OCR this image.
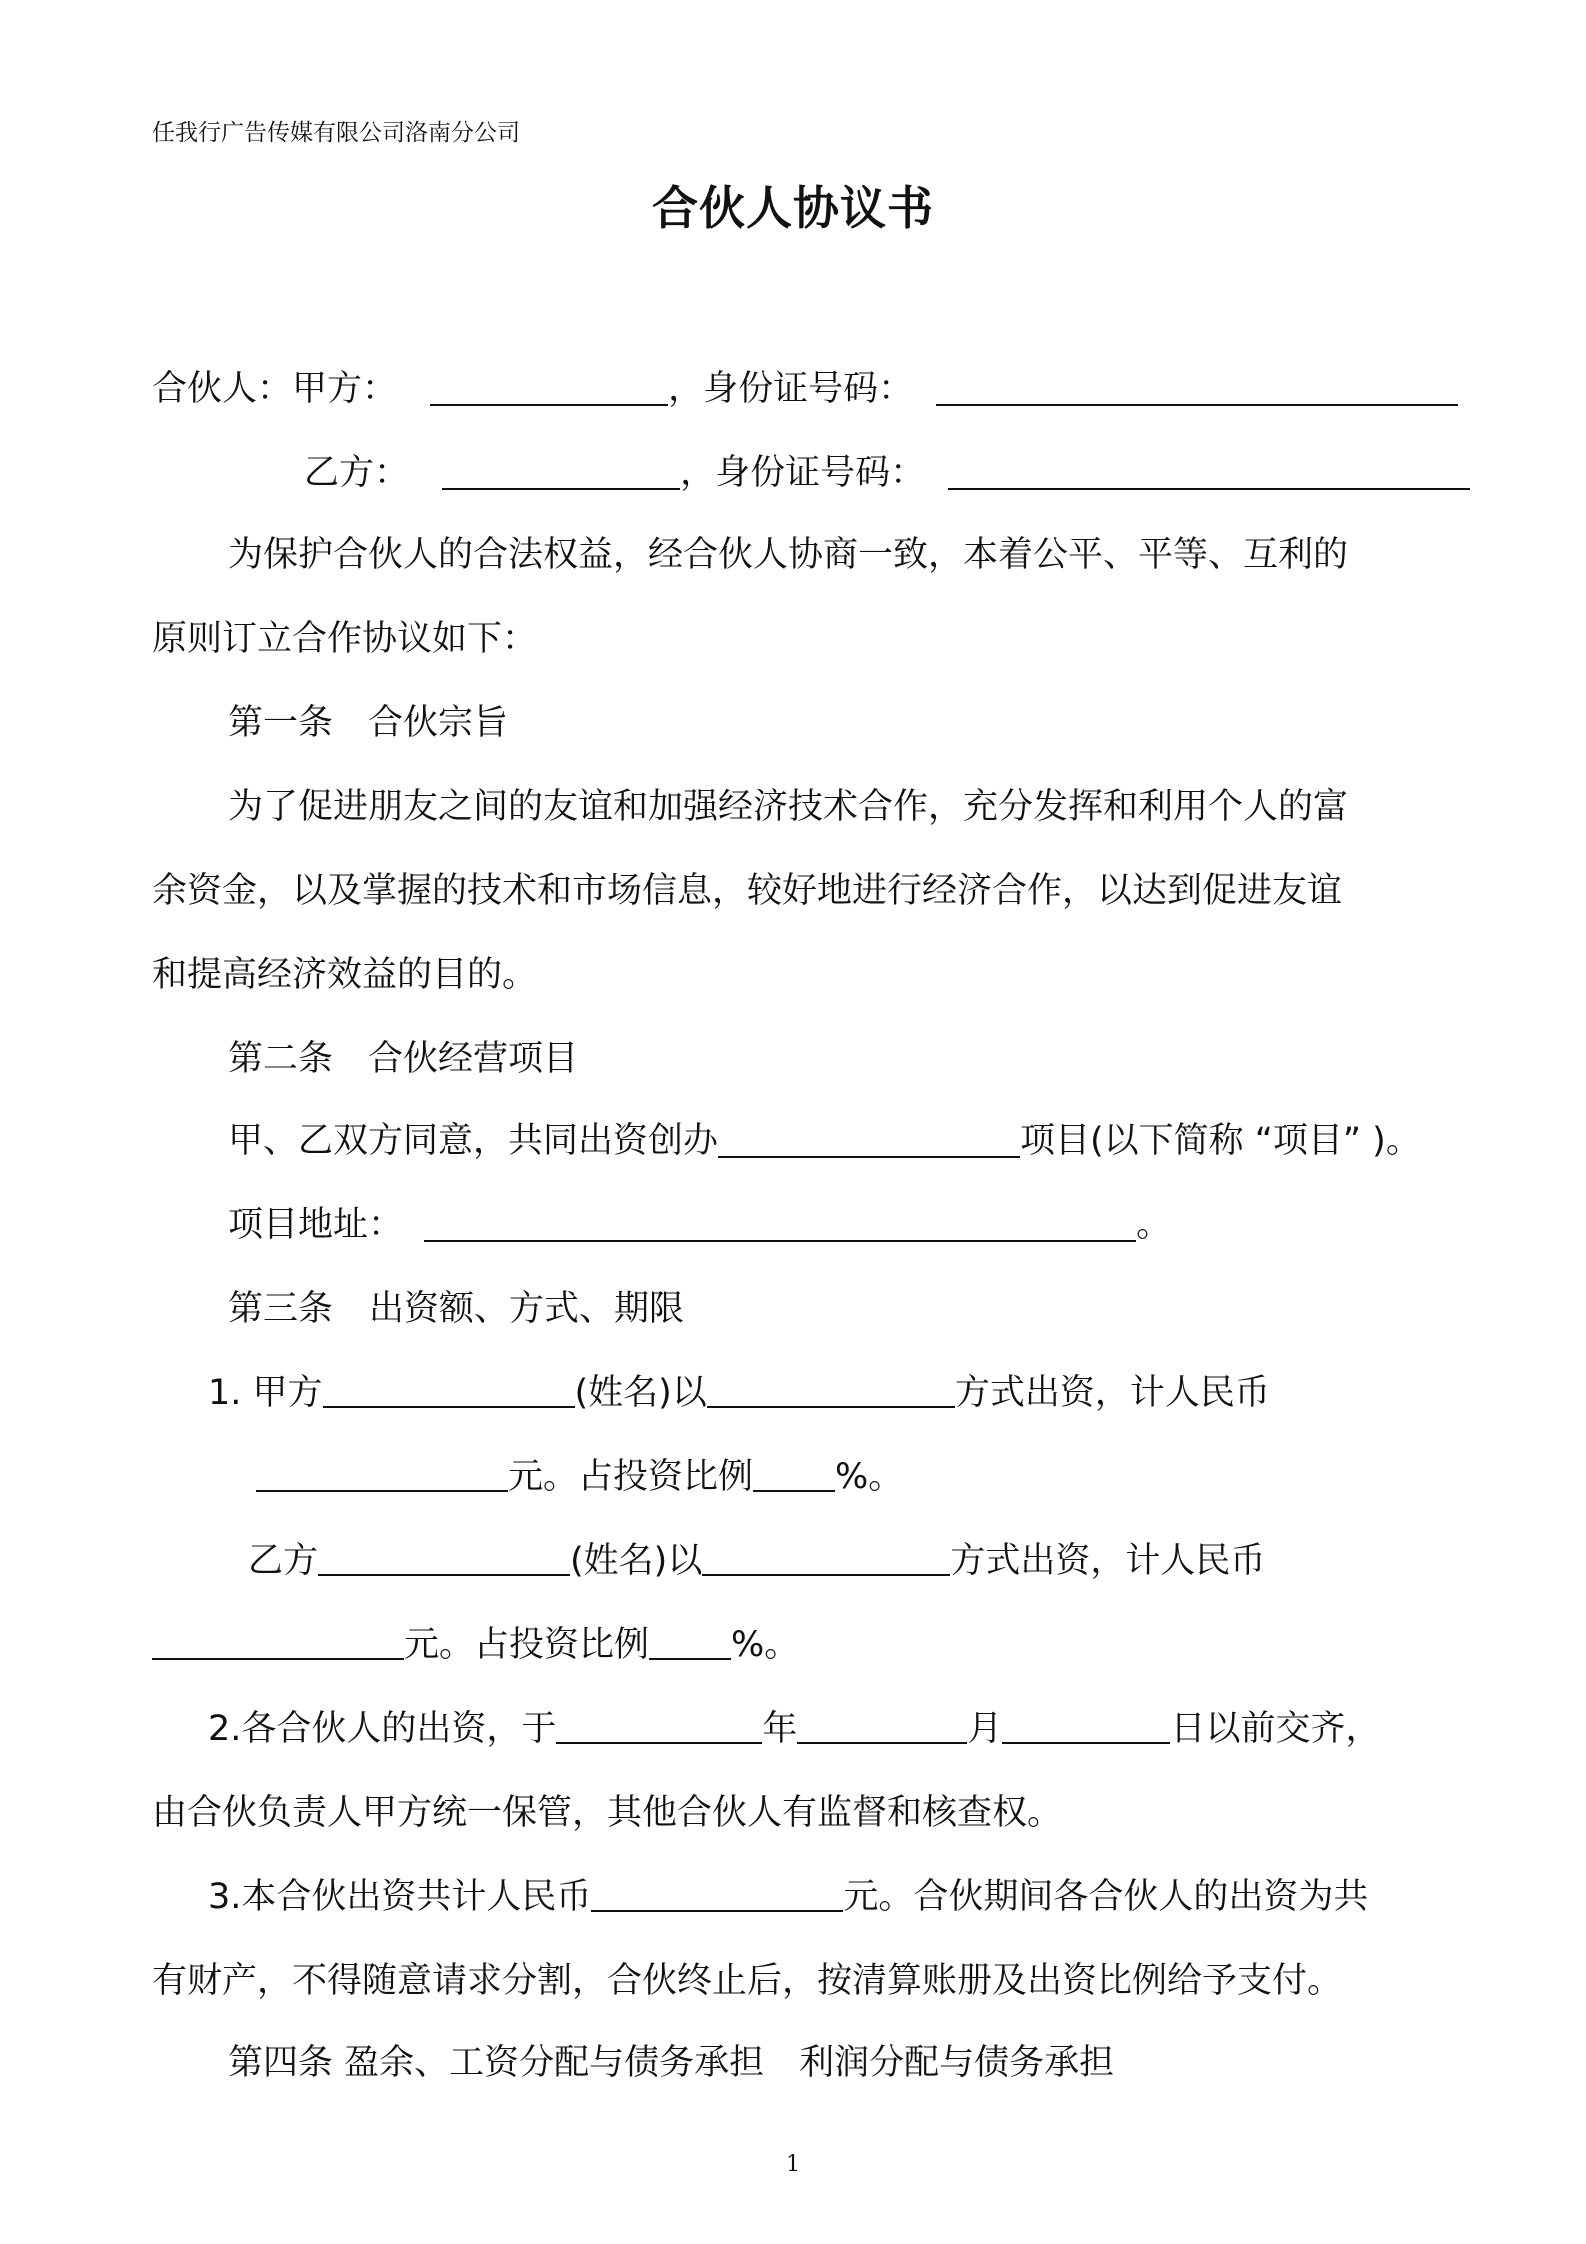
任我行广告传媒有限公司洛南分公司
合伙人协议书
合伙人：甲方：	，身份证号码：
乙方：	，身份证号码：
为保护合伙人的合法权益，经合伙人协商一致，本着公平、平等、互利的
原则订立合作协议如下：
第一条　合伙宗旨
为了促进朋友之间的友谊和加强经济技术合作，充分发挥和利用个人的富
余资金，以及掌握的技术和市场信息，较好地进行经济合作，以达到促进友谊
和提高经济效益的目的。
第二条　合伙经营项目
甲、乙双方同意，共同出资创办	项目(以下简称 “项目” )。
项目地址：	。
第三条 出资额、方式、期限
1. 甲方	(姓名)以	方式出资，计人民币
元。占投资比例 %。
乙方	(姓名)以	方式出资，计人民币
元。占投资比例 %。
2.各合伙人的出资，于	年	月	日以前交齐，
由合伙负责人甲方统一保管，其他合伙人有监督和核查权。
3.本合伙出资共计人民币	元。合伙期间各合伙人的出资为共
有财产，不得随意请求分割，合伙终止后，按清算账册及出资比例给予支付。
第四条 盈余、工资分配与债务承担　利润分配与债务承担
1
